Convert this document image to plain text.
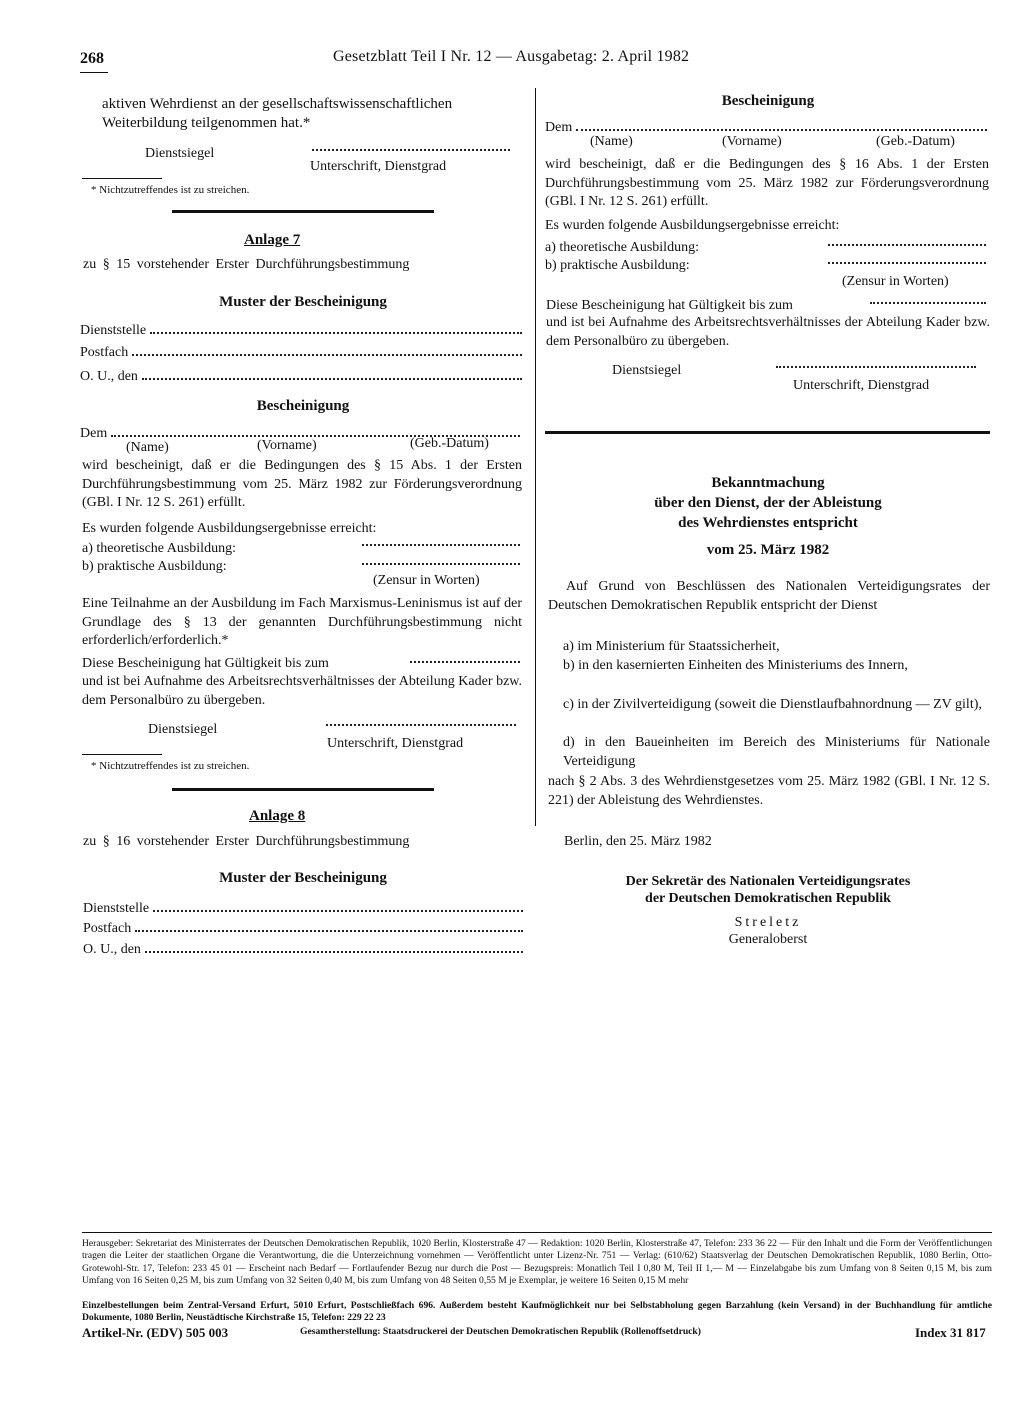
268	Gesetzblatt Teil I Nr. 12 — Ausgabetag: 2. April 1982
aktiven Wehrdienst an der gesellschaftswissenschaftlichen Weiterbildung teilgenommen hat.*
Dienstsiegel
Unterschrift, Dienstgrad
* Nichtzutreffendes ist zu streichen.
Anlage 7
zu § 15 vorstehender Erster Durchführungsbestimmung
Muster der Bescheinigung
Dienststelle
Postfach
O. U., den
Bescheinigung
Dem
(Name)	(Vorname)	(Geb.-Datum)
wird bescheinigt, daß er die Bedingungen des § 15 Abs. 1 der Ersten Durchführungsbestimmung vom 25. März 1982 zur Förderungsverordnung (GBl. I Nr. 12 S. 261) erfüllt.
Es wurden folgende Ausbildungsergebnisse erreicht:
a) theoretische Ausbildung:
b) praktische Ausbildung:
(Zensur in Worten)
Eine Teilnahme an der Ausbildung im Fach Marxismus-Leninismus ist auf der Grundlage des § 13 der genannten Durchführungsbestimmung nicht erforderlich/erforderlich.*
Diese Bescheinigung hat Gültigkeit bis zum
und ist bei Aufnahme des Arbeitsrechtsverhältnisses der Abteilung Kader bzw. dem Personalbüro zu übergeben.
Dienstsiegel
Unterschrift, Dienstgrad
* Nichtzutreffendes ist zu streichen.
Anlage 8
zu § 16 vorstehender Erster Durchführungsbestimmung
Muster der Bescheinigung
Dienststelle
Postfach
O. U., den
Bescheinigung
Dem
(Name)	(Vorname)	(Geb.-Datum)
wird bescheinigt, daß er die Bedingungen des § 16 Abs. 1 der Ersten Durchführungsbestimmung vom 25. März 1982 zur Förderungsverordnung (GBl. I Nr. 12 S. 261) erfüllt.
Es wurden folgende Ausbildungsergebnisse erreicht:
a) theoretische Ausbildung:
b) praktische Ausbildung:
(Zensur in Worten)
Diese Bescheinigung hat Gültigkeit bis zum
und ist bei Aufnahme des Arbeitsrechtsverhältnisses der Abteilung Kader bzw. dem Personalbüro zu übergeben.
Dienstsiegel
Unterschrift, Dienstgrad
Bekanntmachung
über den Dienst, der der Ableistung
des Wehrdienstes entspricht
vom 25. März 1982
Auf Grund von Beschlüssen des Nationalen Verteidigungsrates der Deutschen Demokratischen Republik entspricht der Dienst
a) im Ministerium für Staatssicherheit,
b) in den kasernierten Einheiten des Ministeriums des Innern,
c) in der Zivilverteidigung (soweit die Dienstlaufbahnordnung — ZV gilt),
d) in den Baueinheiten im Bereich des Ministeriums für Nationale Verteidigung
nach § 2 Abs. 3 des Wehrdienstgesetzes vom 25. März 1982 (GBl. I Nr. 12 S. 221) der Ableistung des Wehrdienstes.
Berlin, den 25. März 1982
Der Sekretär des Nationalen Verteidigungsrates
der Deutschen Demokratischen Republik
Streletz
Generaloberst
Herausgeber: Sekretariat des Ministerrates der Deutschen Demokratischen Republik, 1020 Berlin, Klosterstraße 47 — Redaktion: 1020 Berlin, Klosterstraße 47, Telefon: 233 36 22 — Für den Inhalt und die Form der Veröffentlichungen tragen die Leiter der staatlichen Organe die Verantwortung, die die Unterzeichnung vornehmen — Veröffentlicht unter Lizenz-Nr. 751 — Verlag: (610/62) Staatsverlag der Deutschen Demokratischen Republik, 1080 Berlin, Otto-Grotewohl-Str. 17, Telefon: 233 45 01 — Erscheint nach Bedarf — Fortlaufender Bezug nur durch die Post — Bezugspreis: Monatlich Teil I 0,80 M, Teil II 1,— M — Einzelabgabe bis zum Umfang von 8 Seiten 0,15 M, bis zum Umfang von 16 Seiten 0,25 M, bis zum Umfang von 32 Seiten 0,40 M, bis zum Umfang von 48 Seiten 0,55 M je Exemplar, je weitere 16 Seiten 0,15 M mehr
Einzelbestellungen beim Zentral-Versand Erfurt, 5010 Erfurt, Postschließfach 696. Außerdem besteht Kaufmöglichkeit nur bei Selbstabholung gegen Barzahlung (kein Versand) in der Buchhandlung für amtliche Dokumente, 1080 Berlin, Neustädtische Kirchstraße 15, Telefon: 229 22 23
Artikel-Nr. (EDV) 505 003	Gesamtherstellung: Staatsdruckerei der Deutschen Demokratischen Republik (Rollenoffsetdruck)	Index 31 817
